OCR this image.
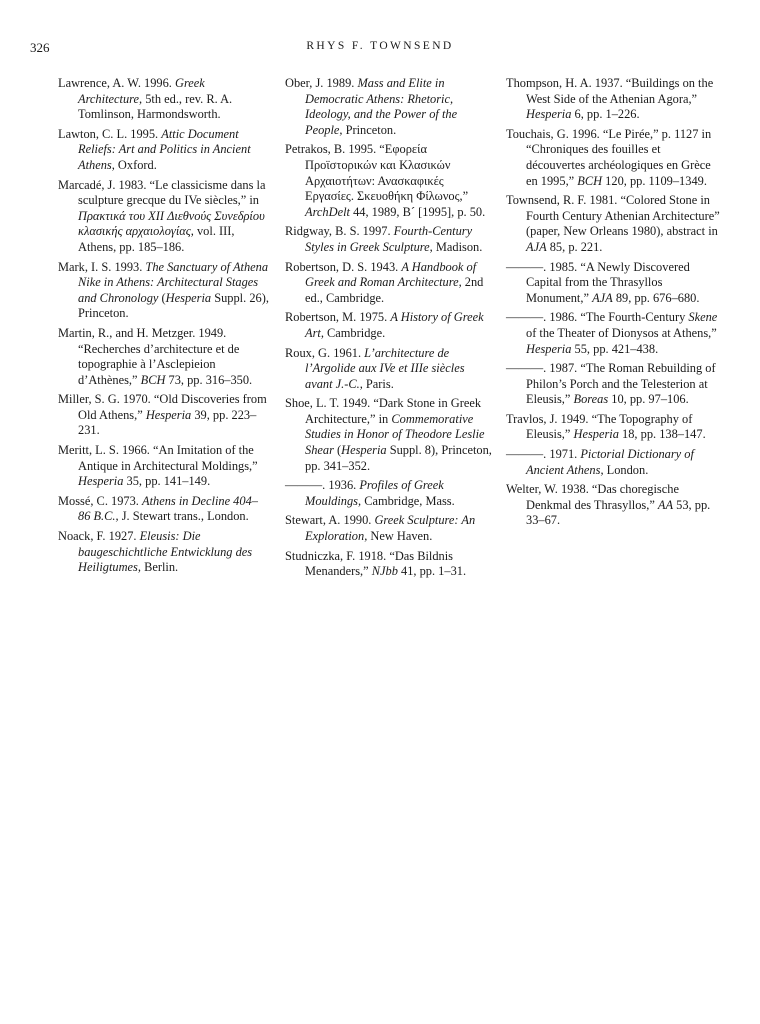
326	RHYS F. TOWNSEND

Lawrence, A. W. 1996. Greek Architecture, 5th ed., rev. R. A. Tomlinson, Harmondsworth.

Lawton, C. L. 1995. Attic Document Reliefs: Art and Politics in Ancient Athens, Oxford.

Marcadé, J. 1983. “Le classicisme dans la sculpture grecque du IVe siècles,” in Πρακτικά του XII Διεθνούς Συνεδρίου κλασικής αρχαιολογίας, vol. III, Athens, pp. 185–186.

Mark, I. S. 1993. The Sanctuary of Athena Nike in Athens: Architectural Stages and Chronology (Hesperia Suppl. 26), Princeton.

Martin, R., and H. Metzger. 1949. “Recherches d’architecture et de topographie à l’Asclepieion d’Athènes,” BCH 73, pp. 316–350.

Miller, S. G. 1970. “Old Discoveries from Old Athens,” Hesperia 39, pp. 223–231.

Meritt, L. S. 1966. “An Imitation of the Antique in Architectural Moldings,” Hesperia 35, pp. 141–149.

Mossé, C. 1973. Athens in Decline 404–86 B.C., J. Stewart trans., London.

Noack, F. 1927. Eleusis: Die baugeschichtliche Entwicklung des Heiligtumes, Berlin.

Ober, J. 1989. Mass and Elite in Democratic Athens: Rhetoric, Ideology, and the Power of the People, Princeton.

Petrakos, B. 1995. “Εφορεία Προϊστορικών και Κλασικών Αρχαιοτήτων: Ανασκαφικές Εργασίες. Σκευοθήκη Φίλωνος,” ArchDelt 44, 1989, B´ [1995], p. 50.

Ridgway, B. S. 1997. Fourth-Century Styles in Greek Sculpture, Madison.

Robertson, D. S. 1943. A Handbook of Greek and Roman Architecture, 2nd ed., Cambridge.

Robertson, M. 1975. A History of Greek Art, Cambridge.

Roux, G. 1961. L’architecture de l’Argolide aux IVe et IIIe siècles avant J.-C., Paris.

Shoe, L. T. 1949. “Dark Stone in Greek Architecture,” in Commemorative Studies in Honor of Theodore Leslie Shear (Hesperia Suppl. 8), Princeton, pp. 341–352.

———. 1936. Profiles of Greek Mouldings, Cambridge, Mass.

Stewart, A. 1990. Greek Sculpture: An Exploration, New Haven.

Studniczka, F. 1918. “Das Bildnis Menanders,” NJbb 41, pp. 1–31.

Thompson, H. A. 1937. “Buildings on the West Side of the Athenian Agora,” Hesperia 6, pp. 1–226.

Touchais, G. 1996. “Le Pirée,” p. 1127 in “Chroniques des fouilles et découvertes archéologiques en Grèce en 1995,” BCH 120, pp. 1109–1349.

Townsend, R. F. 1981. “Colored Stone in Fourth Century Athenian Architecture” (paper, New Orleans 1980), abstract in AJA 85, p. 221.

———. 1985. “A Newly Discovered Capital from the Thrasyllos Monument,” AJA 89, pp. 676–680.

———. 1986. “The Fourth-Century Skene of the Theater of Dionysos at Athens,” Hesperia 55, pp. 421–438.

———. 1987. “The Roman Rebuilding of Philon’s Porch and the Telesterion at Eleusis,” Boreas 10, pp. 97–106.

Travlos, J. 1949. “The Topography of Eleusis,” Hesperia 18, pp. 138–147.

———. 1971. Pictorial Dictionary of Ancient Athens, London.

Welter, W. 1938. “Das choregische Denkmal des Thrasyllos,” AA 53, pp. 33–67.
